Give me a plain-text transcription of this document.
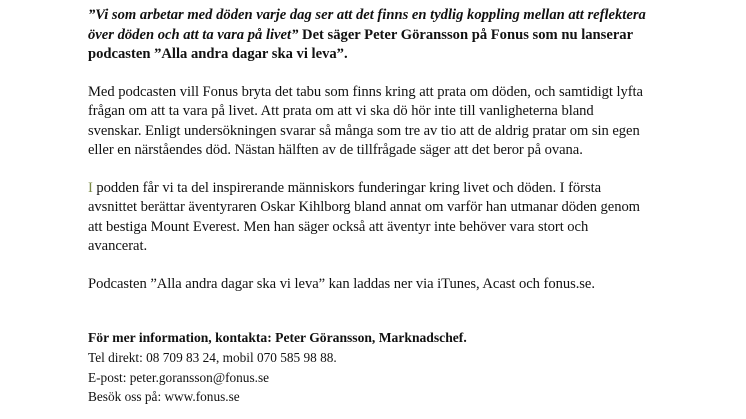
”Vi som arbetar med döden varje dag ser att det finns en tydlig koppling mellan att reflektera över döden och att ta vara på livet” Det säger Peter Göransson på Fonus som nu lanserar podcasten ”Alla andra dagar ska vi leva”.

Med podcasten vill Fonus bryta det tabu som finns kring att prata om döden, och samtidigt lyfta frågan om att ta vara på livet. Att prata om att vi ska dö hör inte till vanligheterna bland svenskar. Enligt undersökningen svarar så många som tre av tio att de aldrig pratar om sin egen eller en närståendes död. Nästan hälften av de tillfrågade säger att det beror på ovana.

I podden får vi ta del inspirerande människors funderingar kring livet och döden. I första avsnittet berättar äventyraren Oskar Kihlborg bland annat om varför han utmanar döden genom att bestiga Mount Everest. Men han säger också att äventyr inte behöver vara stort och avancerat.

Podcasten ”Alla andra dagar ska vi leva” kan laddas ner via iTunes, Acast och fonus.se.

För mer information, kontakta: Peter Göransson, Marknadschef.
Tel direkt: 08 709 83 24, mobil 070 585 98 88.
E-post: peter.goransson@fonus.se
Besök oss på: www.fonus.se
